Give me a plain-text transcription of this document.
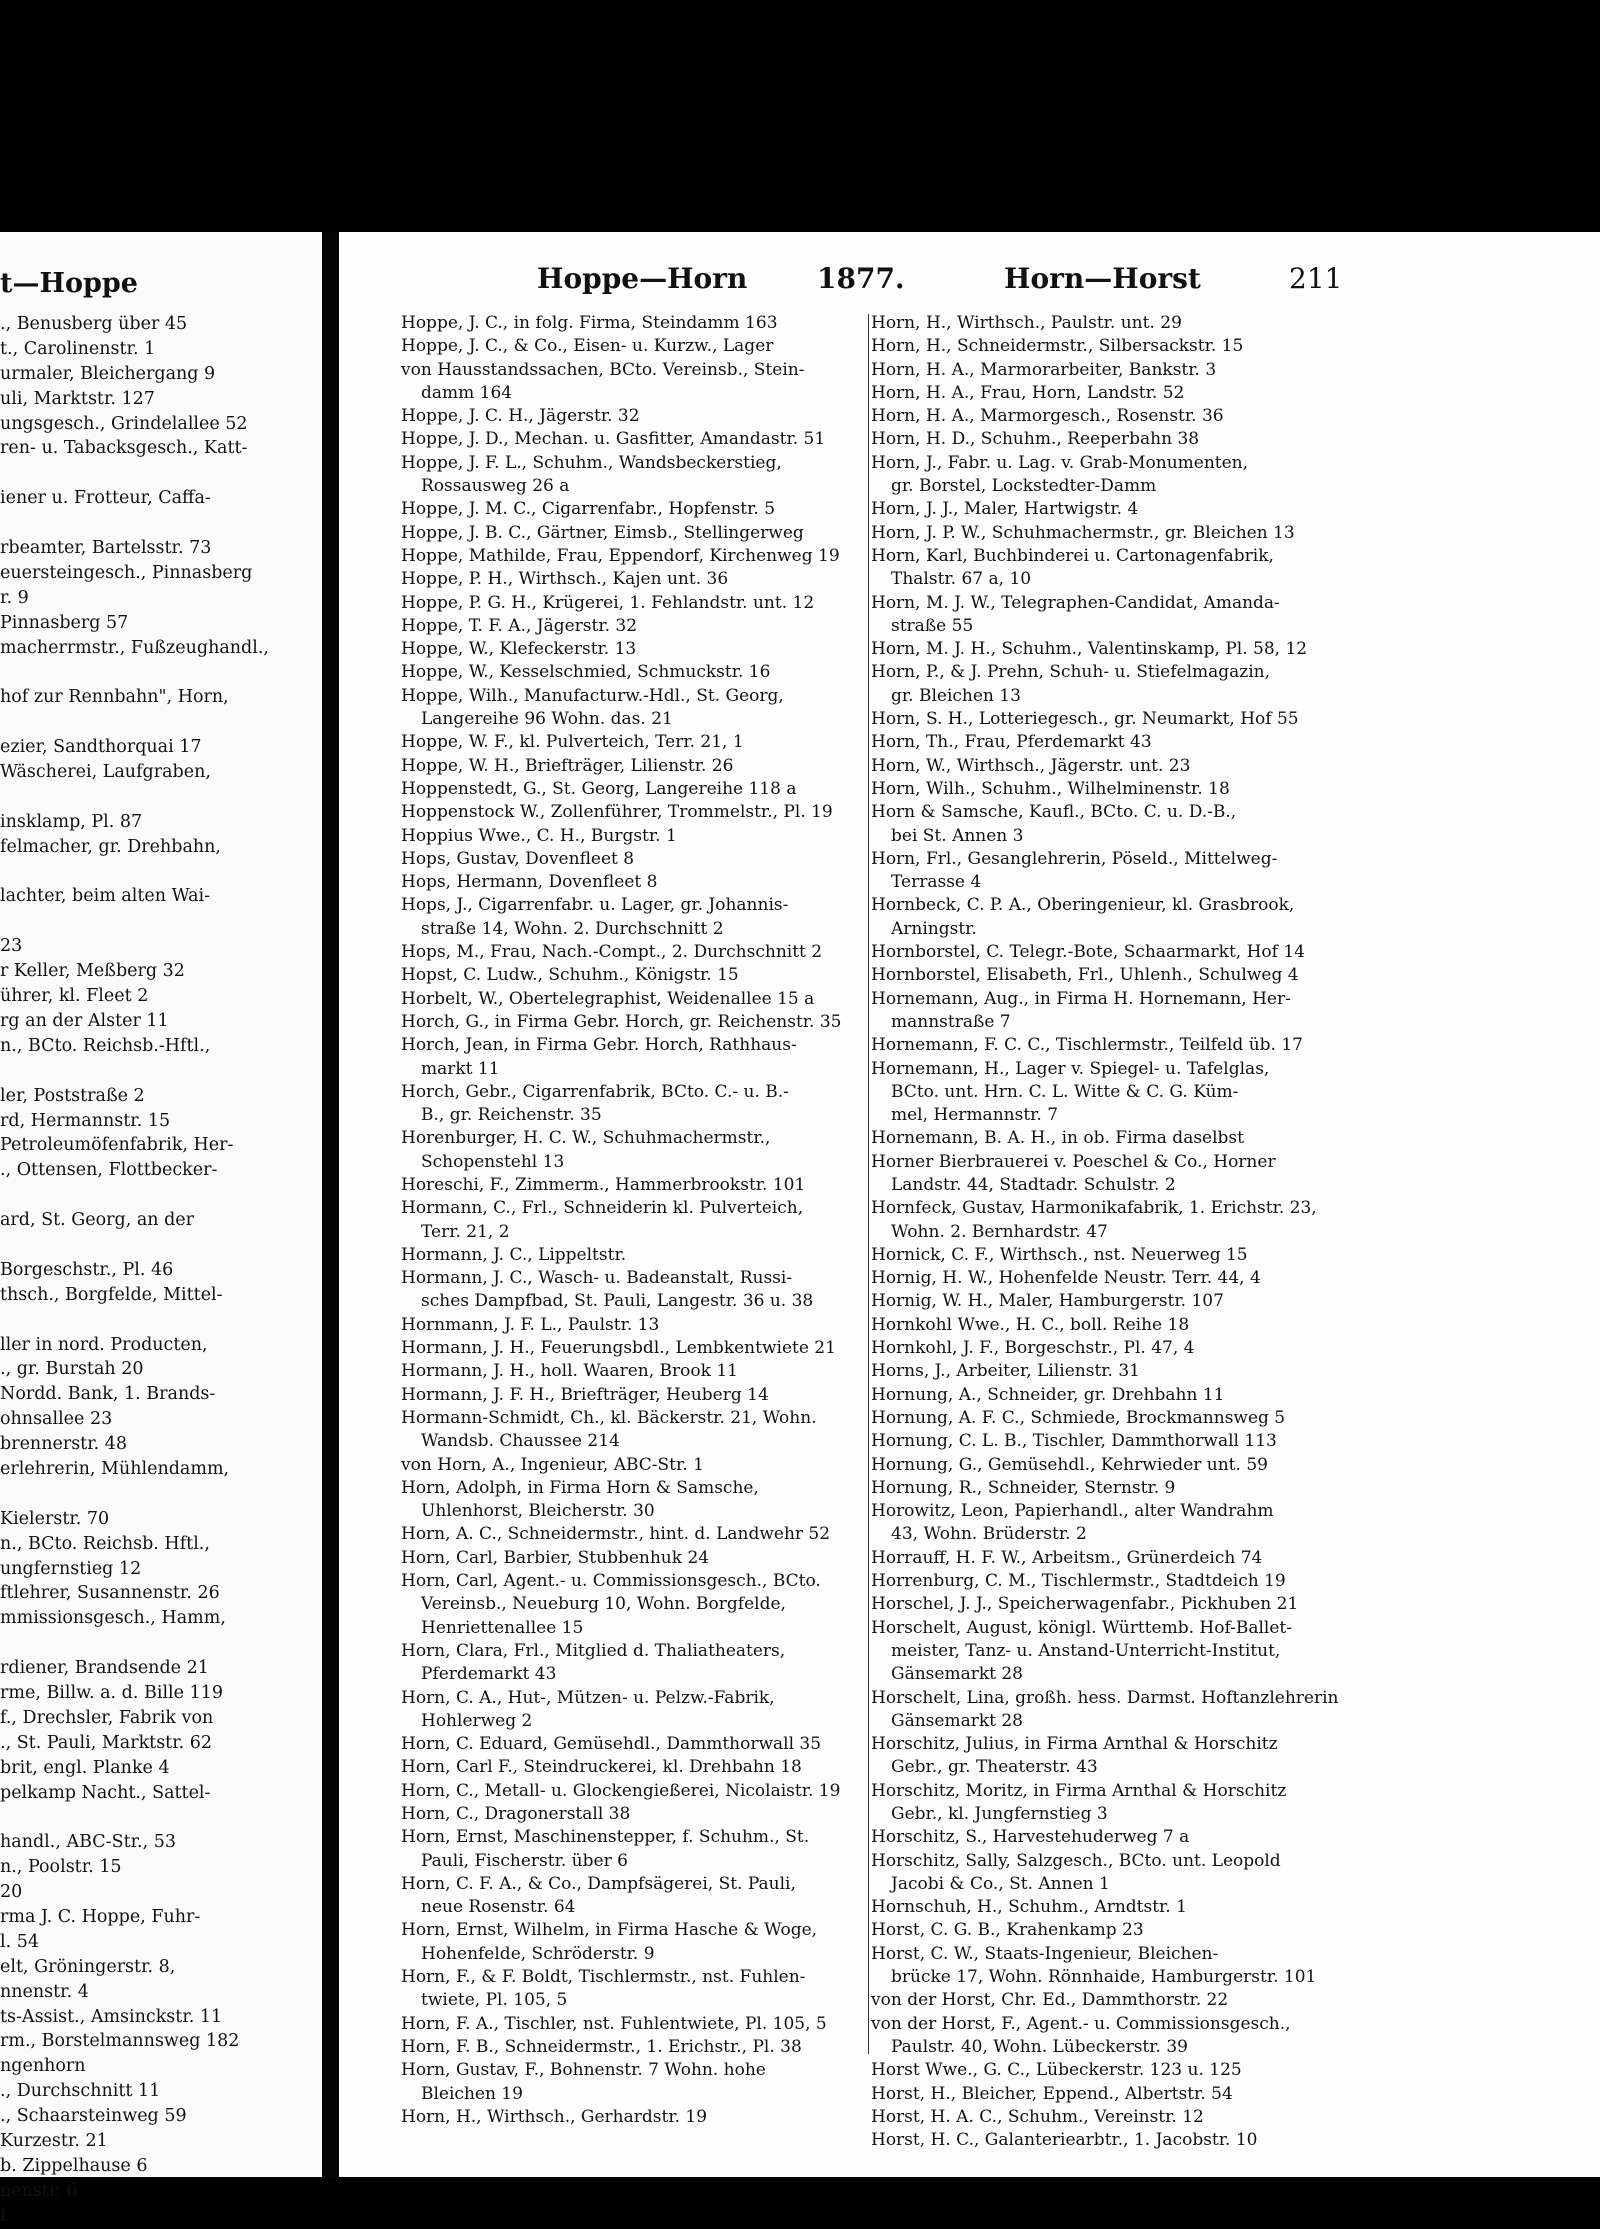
t—Hoppe
., Benusberg über 45
t., Carolinenstr. 1
urmaler, Bleichergang 9
uli, Marktstr. 127
ungsgesch., Grindelallee 52
ren- u. Tabacksgesch., Katt-
iener u. Frotteur, Caffa-
rbeamter, Bartelsstr. 73
euersteingesch., Pinnasberg
r. 9
Pinnasberg 57
macherrmstr., Fußzeughandl.,
hof zur Rennbahn", Horn,
ezier, Sandthorquai 17
Wäscherei, Laufgraben,
insklamp, Pl. 87
felmacher, gr. Drehbahn,
lachter, beim alten Wai-
23
r Keller, Meßberg 32
ührer, kl. Fleet 2
rg an der Alster 11
n., BCto. Reichsb.-Hftl.,
ler, Poststraße 2
rd, Hermannstr. 15
Petroleumöfenfabrik, Her-
., Ottensen, Flottbecker-
ard, St. Georg, an der
Borgeschstr., Pl. 46
thsch., Borgfelde, Mittel-
ller in nord. Producten,
., gr. Burstah 20
Nordd. Bank, 1. Brands-
ohnsallee 23
brennerstr. 48
erlehrerin, Mühlendamm,
Kielerstr. 70
n., BCto. Reichsb. Hftl.,
ungfernstieg 12
ftlehrer, Susannenstr. 26
mmissionsgesch., Hamm,
rdiener, Brandsende 21
rme, Billw. a. d. Bille 119
f., Drechsler, Fabrik von
., St. Pauli, Marktstr. 62
brit, engl. Planke 4
pelkamp Nacht., Sattel-
handl., ABC-Str., 53
n., Poolstr. 15
20
rma J. C. Hoppe, Fuhr-
l. 54
elt, Gröningerstr. 8,
nnenstr. 4
ts-Assist., Amsinckstr. 11
rm., Borstelmannsweg 182
ngenhorn
., Durchschnitt 11
., Schaarsteinweg 59
Kurzestr. 21
b. Zippelhause 6
nenstr. 6
l
Hoppe—Horn 1877.	Horn—Horst	211
Hoppe, J. C., in folg. Firma, Steindamm 163
Hoppe, J. C., & Co., Eisen- u. Kurzw., Lager
von Hausstandssachen, BCto. Vereinsb., Stein-
damm 164
Hoppe, J. C. H., Jägerstr. 32
Hoppe, J. D., Mechan. u. Gasfitter, Amandastr. 51
Hoppe, J. F. L., Schuhm., Wandsbeckerstieg,
Rossausweg 26 a
Hoppe, J. M. C., Cigarrenfabr., Hopfenstr. 5
Hoppe, J. B. C., Gärtner, Eimsb., Stellingerweg
Hoppe, Mathilde, Frau, Eppendorf, Kirchenweg 19
Hoppe, P. H., Wirthsch., Kajen unt. 36
Hoppe, P. G. H., Krügerei, 1. Fehlandstr. unt. 12
Hoppe, T. F. A., Jägerstr. 32
Hoppe, W., Klefeckerstr. 13
Hoppe, W., Kesselschmied, Schmuckstr. 16
Hoppe, Wilh., Manufacturw.-Hdl., St. Georg,
Langereihe 96 Wohn. das. 21
Hoppe, W. F., kl. Pulverteich, Terr. 21, 1
Hoppe, W. H., Briefträger, Lilienstr. 26
Hoppenstedt, G., St. Georg, Langereihe 118 a
Hoppenstock W., Zollenführer, Trommelstr., Pl. 19
Hoppius Wwe., C. H., Burgstr. 1
Hops, Gustav, Dovenfleet 8
Hops, Hermann, Dovenfleet 8
Hops, J., Cigarrenfabr. u. Lager, gr. Johannis-
straße 14, Wohn. 2. Durchschnitt 2
Hops, M., Frau, Nach.-Compt., 2. Durchschnitt 2
Hopst, C. Ludw., Schuhm., Königstr. 15
Horbelt, W., Obertelegraphist, Weidenallee 15 a
Horch, G., in Firma Gebr. Horch, gr. Reichenstr. 35
Horch, Jean, in Firma Gebr. Horch, Rathhaus-
markt 11
Horch, Gebr., Cigarrenfabrik, BCto. C.- u. B.-
B., gr. Reichenstr. 35
Horenburger, H. C. W., Schuhmachermstr.,
Schopenstehl 13
Horeschi, F., Zimmerm., Hammerbrookstr. 101
Hormann, C., Frl., Schneiderin kl. Pulverteich,
Terr. 21, 2
Hormann, J. C., Lippeltstr.
Hormann, J. C., Wasch- u. Badeanstalt, Russi-
sches Dampfbad, St. Pauli, Langestr. 36 u. 38
Hornmann, J. F. L., Paulstr. 13
Hormann, J. H., Feuerungsbdl., Lembkentwiete 21
Hormann, J. H., holl. Waaren, Brook 11
Hormann, J. F. H., Briefträger, Heuberg 14
Hormann-Schmidt, Ch., kl. Bäckerstr. 21, Wohn.
Wandsb. Chaussee 214
von Horn, A., Ingenieur, ABC-Str. 1
Horn, Adolph, in Firma Horn & Samsche,
Uhlenhorst, Bleicherstr. 30
Horn, A. C., Schneidermstr., hint. d. Landwehr 52
Horn, Carl, Barbier, Stubbenhuk 24
Horn, Carl, Agent.- u. Commissionsgesch., BCto.
Vereinsb., Neueburg 10, Wohn. Borgfelde,
Henriettenallee 15
Horn, Clara, Frl., Mitglied d. Thaliatheaters,
Pferdemarkt 43
Horn, C. A., Hut-, Mützen- u. Pelzw.-Fabrik,
Hohlerweg 2
Horn, C. Eduard, Gemüsehdl., Dammthorwall 35
Horn, Carl F., Steindruckerei, kl. Drehbahn 18
Horn, C., Metall- u. Glockengießerei, Nicolaistr. 19
Horn, C., Dragonerstall 38
Horn, Ernst, Maschinenstepper, f. Schuhm., St.
Pauli, Fischerstr. über 6
Horn, C. F. A., & Co., Dampfsägerei, St. Pauli,
neue Rosenstr. 64
Horn, Ernst, Wilhelm, in Firma Hasche & Woge,
Hohenfelde, Schröderstr. 9
Horn, F., & F. Boldt, Tischlermstr., nst. Fuhlen-
twiete, Pl. 105, 5
Horn, F. A., Tischler, nst. Fuhlentwiete, Pl. 105, 5
Horn, F. B., Schneidermstr., 1. Erichstr., Pl. 38
Horn, Gustav, F., Bohnenstr. 7 Wohn. hohe
Bleichen 19
Horn, H., Wirthsch., Gerhardstr. 19
Horn, H., Wirthsch., Paulstr. unt. 29
Horn, H., Schneidermstr., Silbersackstr. 15
Horn, H. A., Marmorarbeiter, Bankstr. 3
Horn, H. A., Frau, Horn, Landstr. 52
Horn, H. A., Marmorgesch., Rosenstr. 36
Horn, H. D., Schuhm., Reeperbahn 38
Horn, J., Fabr. u. Lag. v. Grab-Monumenten,
gr. Borstel, Lockstedter-Damm
Horn, J. J., Maler, Hartwigstr. 4
Horn, J. P. W., Schuhmachermstr., gr. Bleichen 13
Horn, Karl, Buchbinderei u. Cartonagenfabrik,
Thalstr. 67 a, 10
Horn, M. J. W., Telegraphen-Candidat, Amanda-
straße 55
Horn, M. J. H., Schuhm., Valentinskamp, Pl. 58, 12
Horn, P., & J. Prehn, Schuh- u. Stiefelmagazin,
gr. Bleichen 13
Horn, S. H., Lotteriegesch., gr. Neumarkt, Hof 55
Horn, Th., Frau, Pferdemarkt 43
Horn, W., Wirthsch., Jägerstr. unt. 23
Horn, Wilh., Schuhm., Wilhelminenstr. 18
Horn & Samsche, Kaufl., BCto. C. u. D.-B.,
bei St. Annen 3
Horn, Frl., Gesanglehrerin, Pöseld., Mittelweg-
Terrasse 4
Hornbeck, C. P. A., Oberingenieur, kl. Grasbrook,
Arningstr.
Hornborstel, C. Telegr.-Bote, Schaarmarkt, Hof 14
Hornborstel, Elisabeth, Frl., Uhlenh., Schulweg 4
Hornemann, Aug., in Firma H. Hornemann, Her-
mannstraße 7
Hornemann, F. C. C., Tischlermstr., Teilfeld üb. 17
Hornemann, H., Lager v. Spiegel- u. Tafelglas,
BCto. unt. Hrn. C. L. Witte & C. G. Küm-
mel, Hermannstr. 7
Hornemann, B. A. H., in ob. Firma daselbst
Horner Bierbrauerei v. Poeschel & Co., Horner
Landstr. 44, Stadtadr. Schulstr. 2
Hornfeck, Gustav, Harmonikafabrik, 1. Erichstr. 23,
Wohn. 2. Bernhardstr. 47
Hornick, C. F., Wirthsch., nst. Neuerweg 15
Hornig, H. W., Hohenfelde Neustr. Terr. 44, 4
Hornig, W. H., Maler, Hamburgerstr. 107
Hornkohl Wwe., H. C., boll. Reihe 18
Hornkohl, J. F., Borgeschstr., Pl. 47, 4
Horns, J., Arbeiter, Lilienstr. 31
Hornung, A., Schneider, gr. Drehbahn 11
Hornung, A. F. C., Schmiede, Brockmannsweg 5
Hornung, C. L. B., Tischler, Dammthorwall 113
Hornung, G., Gemüsehdl., Kehrwieder unt. 59
Hornung, R., Schneider, Sternstr. 9
Horowitz, Leon, Papierhandl., alter Wandrahm
43, Wohn. Brüderstr. 2
Horrauff, H. F. W., Arbeitsm., Grünerdeich 74
Horrenburg, C. M., Tischlermstr., Stadtdeich 19
Horschel, J. J., Speicherwagenfabr., Pickhuben 21
Horschelt, August, königl. Württemb. Hof-Ballet-
meister, Tanz- u. Anstand-Unterricht-Institut,
Gänsemarkt 28
Horschelt, Lina, großh. hess. Darmst. Hoftanzlehrerin
Gänsemarkt 28
Horschitz, Julius, in Firma Arnthal & Horschitz
Gebr., gr. Theaterstr. 43
Horschitz, Moritz, in Firma Arnthal & Horschitz
Gebr., kl. Jungfernstieg 3
Horschitz, S., Harvestehuderweg 7 a
Horschitz, Sally, Salzgesch., BCto. unt. Leopold
Jacobi & Co., St. Annen 1
Hornschuh, H., Schuhm., Arndtstr. 1
Horst, C. G. B., Krahenkamp 23
Horst, C. W., Staats-Ingenieur, Bleichen-
brücke 17, Wohn. Rönnhaide, Hamburgerstr. 101
von der Horst, Chr. Ed., Dammthorstr. 22
von der Horst, F., Agent.- u. Commissionsgesch.,
Paulstr. 40, Wohn. Lübeckerstr. 39
Horst Wwe., G. C., Lübeckerstr. 123 u. 125
Horst, H., Bleicher, Eppend., Albertstr. 54
Horst, H. A. C., Schuhm., Vereinstr. 12
Horst, H. C., Galanteriearbtr., 1. Jacobstr. 10
